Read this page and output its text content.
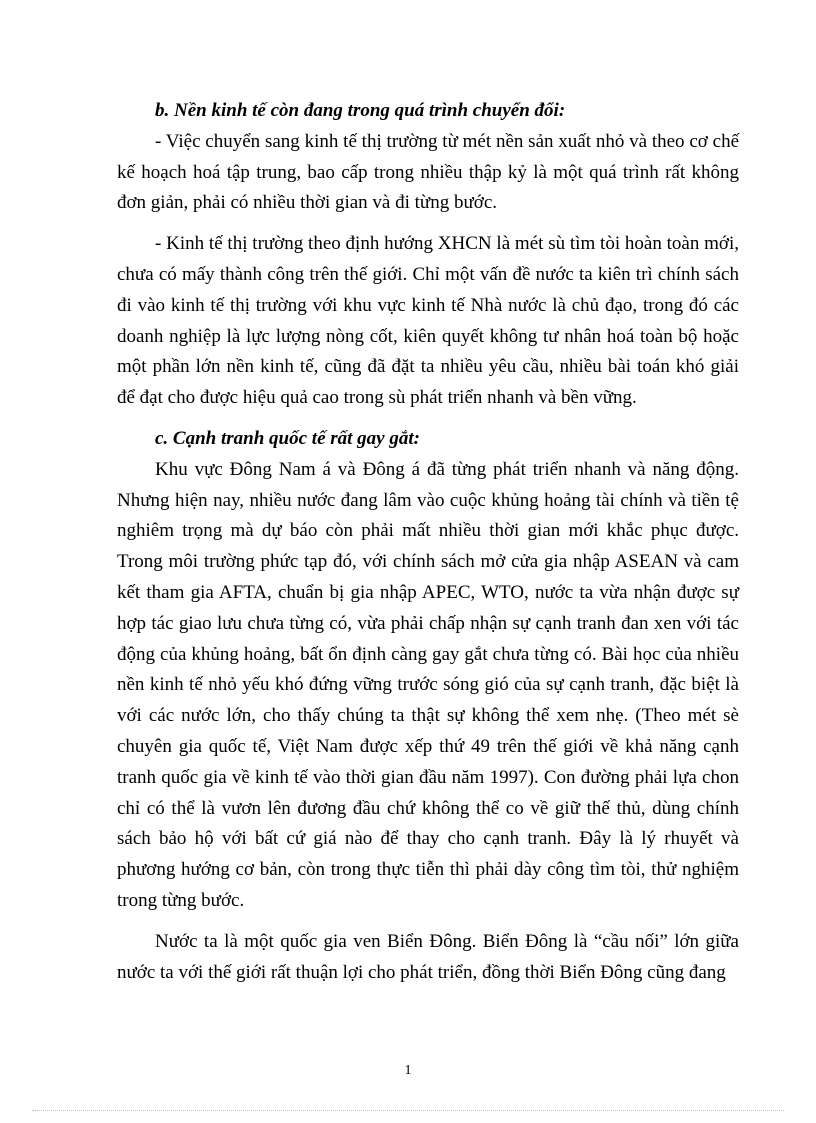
b. Nền kinh tế còn đang trong quá trình chuyển đổi:

- Việc chuyển sang kinh tế thị trường từ mét nền sản xuất nhỏ và theo cơ chế kế hoạch hoá tập trung, bao cấp trong nhiều thập kỷ là một quá trình rất không đơn giản, phải có nhiều thời gian và đi từng bước.

- Kinh tế thị trường theo định hướng XHCN là mét sù tìm tòi hoàn toàn mới, chưa có mấy thành công trên thế giới. Chỉ một vấn đề nước ta kiên trì chính sách đi vào kinh tế thị trường với khu vực kinh tế Nhà nước là chủ đạo, trong đó các doanh nghiệp là lực lượng nòng cốt, kiên quyết không tư nhân hoá toàn bộ hoặc một phần lớn nền kinh tế, cũng đã đặt ta nhiều yêu cầu, nhiều bài toán khó giải để đạt cho được hiệu quả cao trong sù phát triển nhanh và bền vững.

c. Cạnh tranh quốc tế rất gay gắt:

Khu vực Đông Nam á và Đông á đã từng phát triển nhanh và năng động. Nhưng hiện nay, nhiều nước đang lâm vào cuộc khủng hoảng tài chính và tiền tệ nghiêm trọng mà dự báo còn phải mất nhiều thời gian mới khắc phục được. Trong môi trường phức tạp đó, với chính sách mở cửa gia nhập ASEAN và cam kết tham gia AFTA, chuẩn bị gia nhập APEC, WTO, nước ta vừa nhận được sự hợp tác giao lưu chưa từng có, vừa phải chấp nhận sự cạnh tranh đan xen với tác động của khủng hoảng, bất ổn định càng gay gắt chưa từng có. Bài học của nhiều nền kinh tế nhỏ yếu khó đứng vững trước sóng gió của sự cạnh tranh, đặc biệt là với các nước lớn, cho thấy chúng ta thật sự không thể xem nhẹ. (Theo mét sè chuyên gia quốc tế, Việt Nam được xếp thứ 49 trên thế giới về khả năng cạnh tranh quốc gia về kinh tế vào thời gian đầu năm 1997). Con đường phải lựa chon chỉ có thể là vươn lên đương đầu chứ không thể co về giữ thế thủ, dùng chính sách bảo hộ với bất cứ giá nào để thay cho cạnh tranh. Đây là lý rhuyết và phương hướng cơ bản, còn trong thực tiễn thì phải dày công tìm tòi, thử nghiệm trong từng bước.

Nước ta là một quốc gia ven Biển Đông. Biển Đông là “cầu nối” lớn giữa nước ta với thế giới rất thuận lợi cho phát triển, đồng thời Biển Đông cũng đang

1
